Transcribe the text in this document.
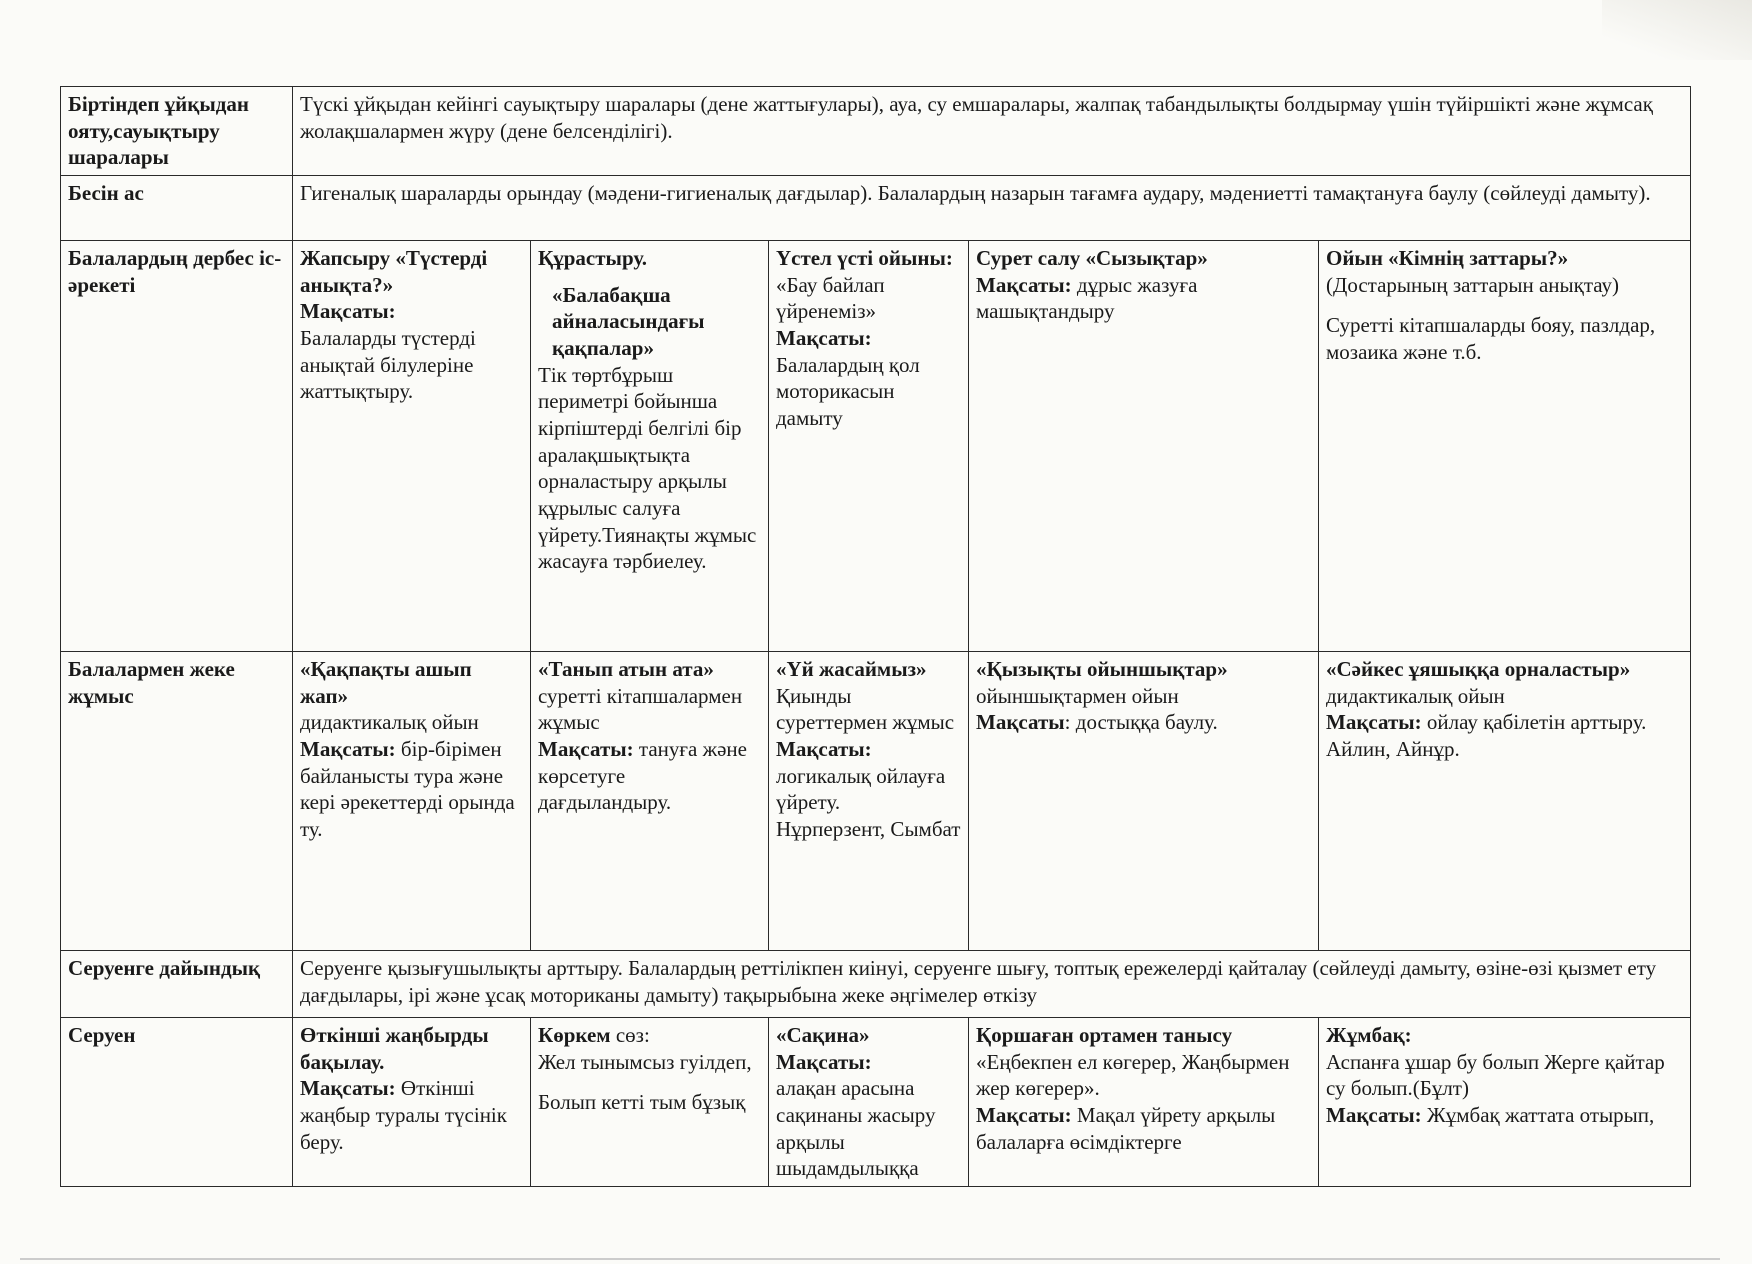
Біртіндеп ұйқыдан ояту,сауықтыру шаралары	Түскі ұйқыдан кейінгі сауықтыру шаралары (дене жаттығулары), ауа, су емшаралары, жалпақ табандылықты болдырмау үшін түйіршікті және жұмсақ жолақшалармен жүру (дене белсенділігі).				
Бесін ас	Гигеналық шараларды орындау (мәдени-гигиеналық дағдылар). Балалардың назарын тағамға аудару, мәдениетті тамақтануға баулу (сөйлеуді дамыту).				
Балалардың дербес іс-әрекеті	Жапсыру «Түстерді анықта?»
Мақсаты:
Балаларды түстерді анықтай білулеріне жаттықтыру.	Құрастыру.
«Балабақша айналасындағы қақпалар»
Тік төртбұрыш периметрі бойынша кірпіштерді белгілі бір аралақшықтықта орналастыру арқылы құрылыс салуға үйрету.Тиянақты жұмыс жасауға тәрбиелеу.	Үстел үсті ойыны:
«Бау байлап үйренеміз»
Мақсаты:
Балалардың қол моторикасын дамыту	Сурет салу «Сызықтар»
Мақсаты: дұрыс жазуға машықтандыру	Ойын «Кімнің заттары?»
(Достарының заттарын анықтау)
Суретті кітапшаларды бояу, пазлдар, мозаика және т.б.

Балалармен жеке жұмыс	«Қақпақты ашып жап»
дидактикалық ойын
Мақсаты: бір-бірімен байланысты тура және кері әрекеттерді орында ту.	«Танып атын ата»
суретті кітапшалармен жұмыс
Мақсаты: тануға және көрсетуге дағдыландыру.	«Үй жасаймыз»
Қиынды суреттермен жұмыс
Мақсаты:
логикалық ойлауға үйрету.
Нұрперзент, Сымбат	«Қызықты ойыншықтар»
ойыншықтармен ойын
Мақсаты: достыққа баулу.	«Сәйкес ұяшыққа орналастыр»
дидактикалық ойын
Мақсаты: ойлау қабілетін арттыру.
Айлин, Айнұр.

Серуенге дайындық	Серуенге қызығушылықты арттыру. Балалардың реттілікпен киінуі, серуенге шығу, топтық ережелерді қайталау (сөйлеуді дамыту, өзіне-өзі қызмет ету дағдылары, ірі және ұсақ моториканы дамыту) тақырыбына жеке әңгімелер өткізу				
Серуен	Өткінші жаңбырды бақылау.
Мақсаты: Өткінші жаңбыр туралы түсінік беру.	Көркем сөз:
Жел тынымсыз гуілдеп,
Болып кетті тым бұзық	«Сақина»
Мақсаты:
алақан арасына сақинаны жасыру арқылы шыдамдылыққа	Қоршаған ортамен танысу
«Еңбекпен ел көгерер, Жаңбырмен жер көгерер».
Мақсаты: Мақал үйрету арқылы балаларға өсімдіктерге	Жұмбақ:
Аспанға ұшар бу болып Жерге қайтар су болып.(Бұлт)
Мақсаты: Жұмбақ жаттата отырып,
